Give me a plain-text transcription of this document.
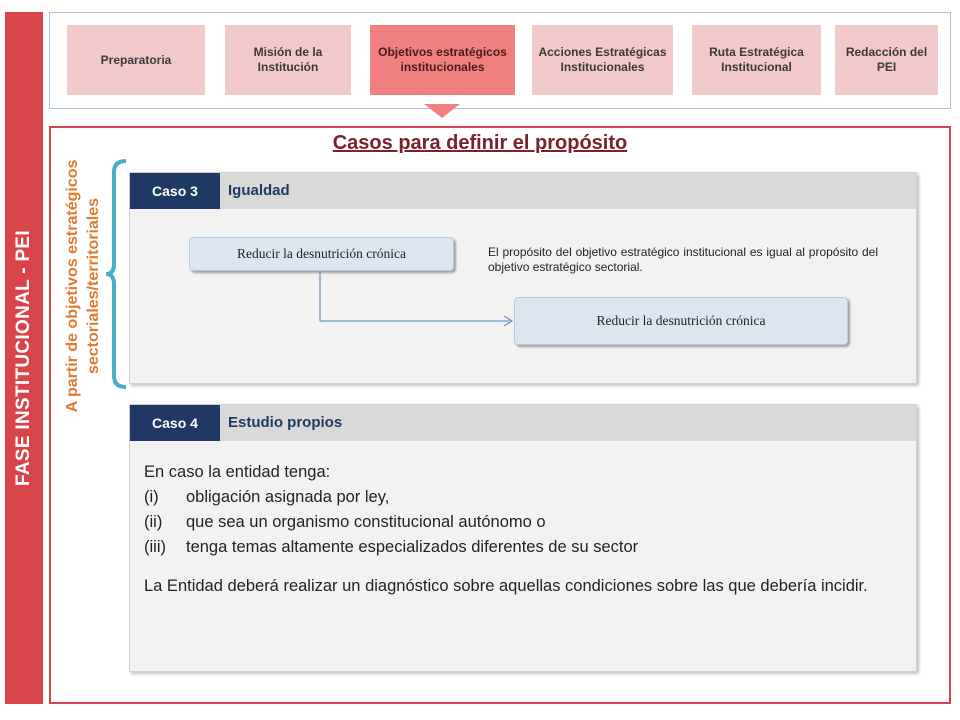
FASE INSTITUCIONAL - PEI
Preparatoria
Misión de la Institución
Objetivos estratégicos institucionales
Acciones Estratégicas Institucionales
Ruta Estratégica Institucional
Redacción del PEI
Casos para definir el propósito
A partir de objetivos estratégicos sectoriales/territoriales
Caso 3	Igualdad
Reducir la desnutrición crónica	El propósito del objetivo estratégico institucional es igual al propósito del objetivo estratégico sectorial.
Reducir la desnutrición crónica
Caso 4	Estudio propios
En caso la entidad tenga:
(i)	obligación asignada por ley,
(ii)	que sea un organismo constitucional autónomo o
(iii)	tenga temas altamente especializados diferentes de su sector
La Entidad deberá realizar un diagnóstico sobre aquellas condiciones sobre las que debería incidir.
